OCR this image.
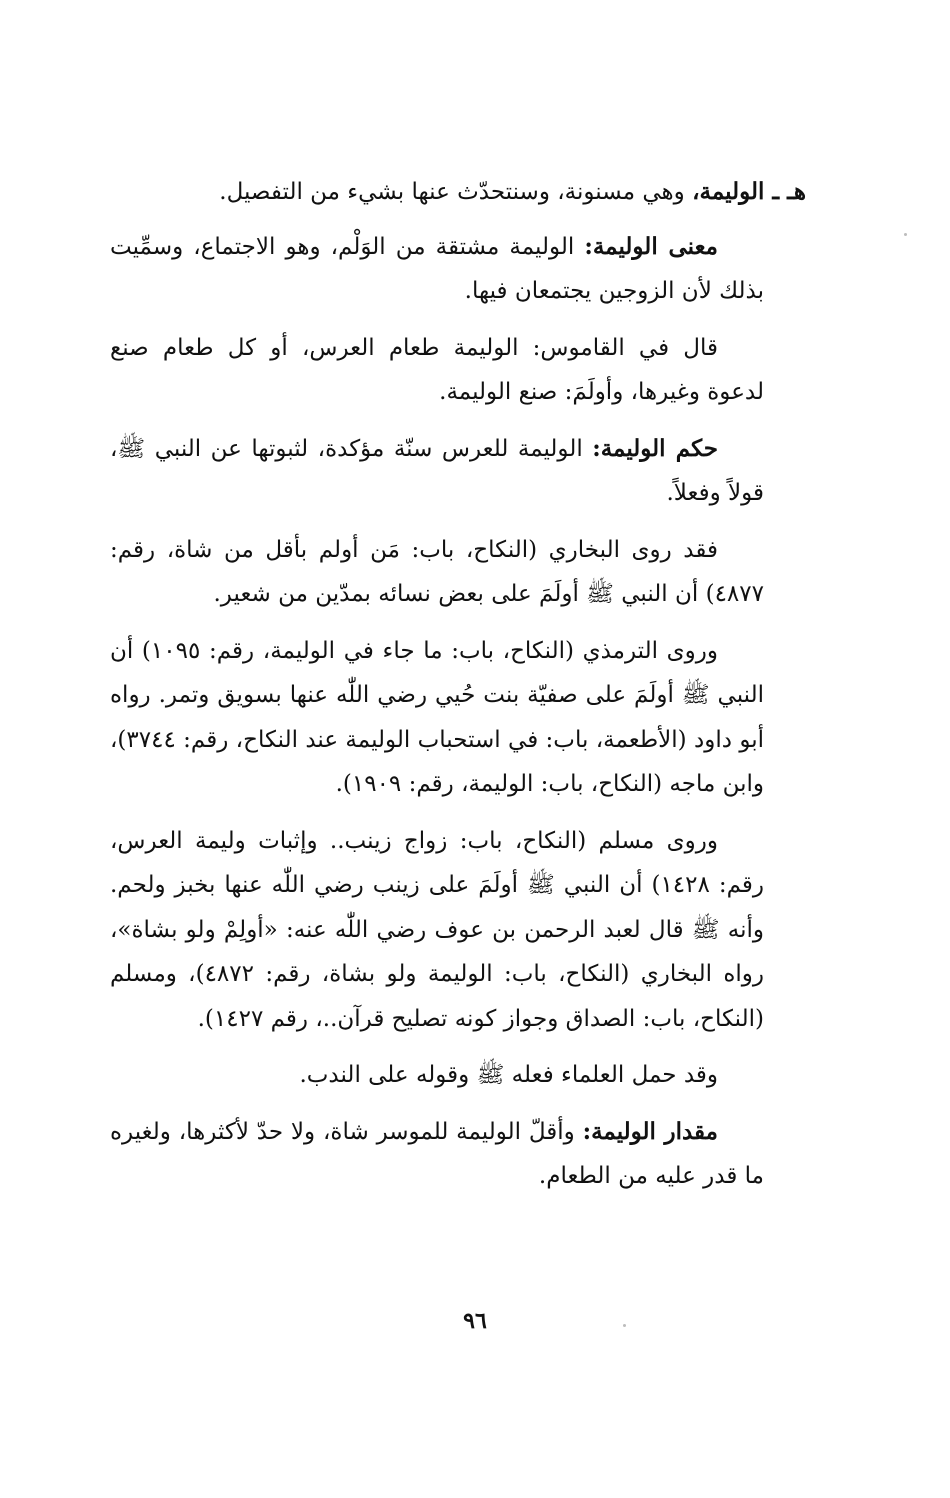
هـ ـ الوليمة، وهي مسنونة، وسنتحدّث عنها بشيء من التفصيل.

معنى الوليمة: الوليمة مشتقة من الوَلْم، وهو الاجتماع، وسمِّيت بذلك لأن الزوجين يجتمعان فيها.

قال في القاموس: الوليمة طعام العرس، أو كل طعام صنع لدعوة وغيرها، وأولَمَ: صنع الوليمة.

حكم الوليمة: الوليمة للعرس سنّة مؤكدة، لثبوتها عن النبي ﷺ، قولاً وفعلاً.

فقد روى البخاري (النكاح، باب: مَن أولم بأقل من شاة، رقم: ٤٨٧٧) أن النبي ﷺ أولَمَ على بعض نسائه بمدّين من شعير.

وروى الترمذي (النكاح، باب: ما جاء في الوليمة، رقم: ١٠٩٥) أن النبي ﷺ أولَمَ على صفيّة بنت حُيي رضي اللّٰه عنها بسويق وتمر. رواه أبو داود (الأطعمة، باب: في استحباب الوليمة عند النكاح، رقم: ٣٧٤٤)، وابن ماجه (النكاح، باب: الوليمة، رقم: ١٩٠٩).

وروى مسلم (النكاح، باب: زواج زينب.. وإثبات وليمة العرس، رقم: ١٤٢٨) أن النبي ﷺ أولَمَ على زينب رضي اللّٰه عنها بخبز ولحم. وأنه ﷺ قال لعبد الرحمن بن عوف رضي اللّٰه عنه: «أولِمْ ولو بشاة»، رواه البخاري (النكاح، باب: الوليمة ولو بشاة، رقم: ٤٨٧٢)، ومسلم (النكاح، باب: الصداق وجواز كونه تصليح قرآن..، رقم ١٤٢٧).

وقد حمل العلماء فعله ﷺ وقوله على الندب.

مقدار الوليمة: وأقلّ الوليمة للموسر شاة، ولا حدّ لأكثرها، ولغيره ما قدر عليه من الطعام.

٩٦
